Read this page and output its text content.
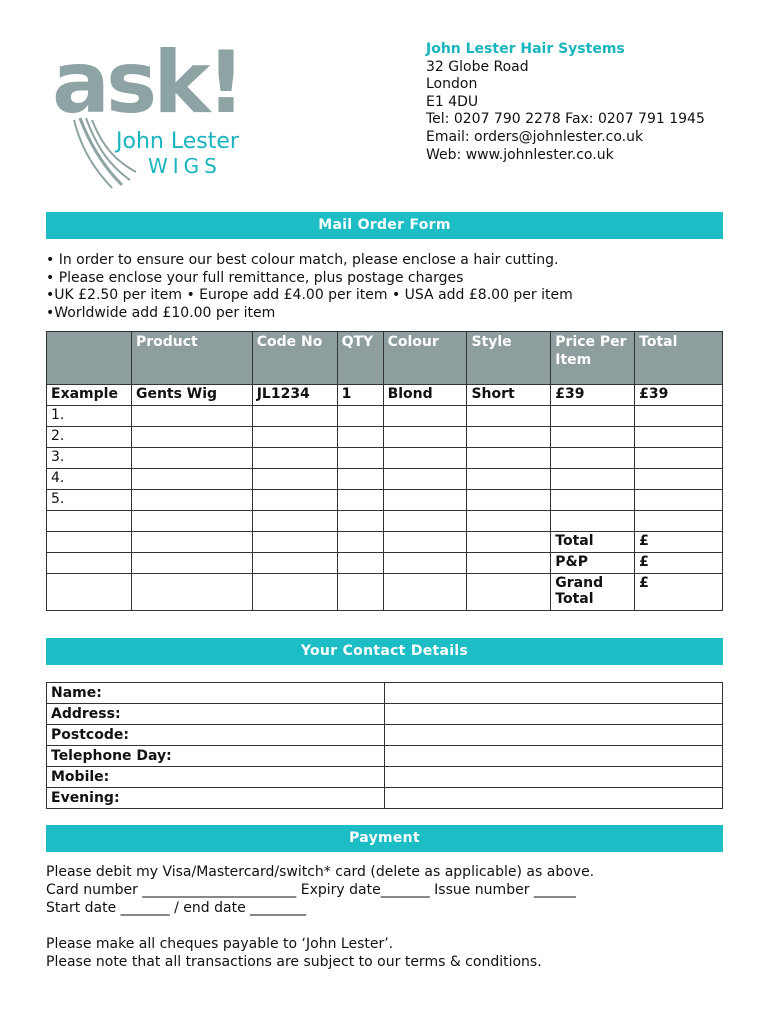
ask!
John Lester
WIGS
John Lester Hair Systems
32 Globe Road
London
E1 4DU
Tel: 0207 790 2278 Fax: 0207 791 1945
Email: orders@johnlester.co.uk
Web: www.johnlester.co.uk
Mail Order Form
• In order to ensure our best colour match, please enclose a hair cutting.
• Please enclose your full remittance, plus postage charges
•UK £2.50 per item • Europe add £4.00 per item • USA add £8.00 per item
•Worldwide add £10.00 per item
	Product	Code No	QTY	Colour	Style	Price Per Item	Total
Example	Gents Wig	JL1234	1	Blond	Short	£39	£39
1.							
2.							
3.							
4.							
5.							

						Total	£
						P&P	£
						Grand Total	£
Your Contact Details
Name:	
Address:	
Postcode:	
Telephone Day:	
Mobile:	
Evening:	
Payment

Please debit my Visa/Mastercard/switch* card (delete as applicable) as above.

Card number ______________________ Expiry date_______ Issue number ______

Start date _______ / end date ________

Please make all cheques payable to ‘John Lester’.

Please note that all transactions are subject to our terms & conditions.
